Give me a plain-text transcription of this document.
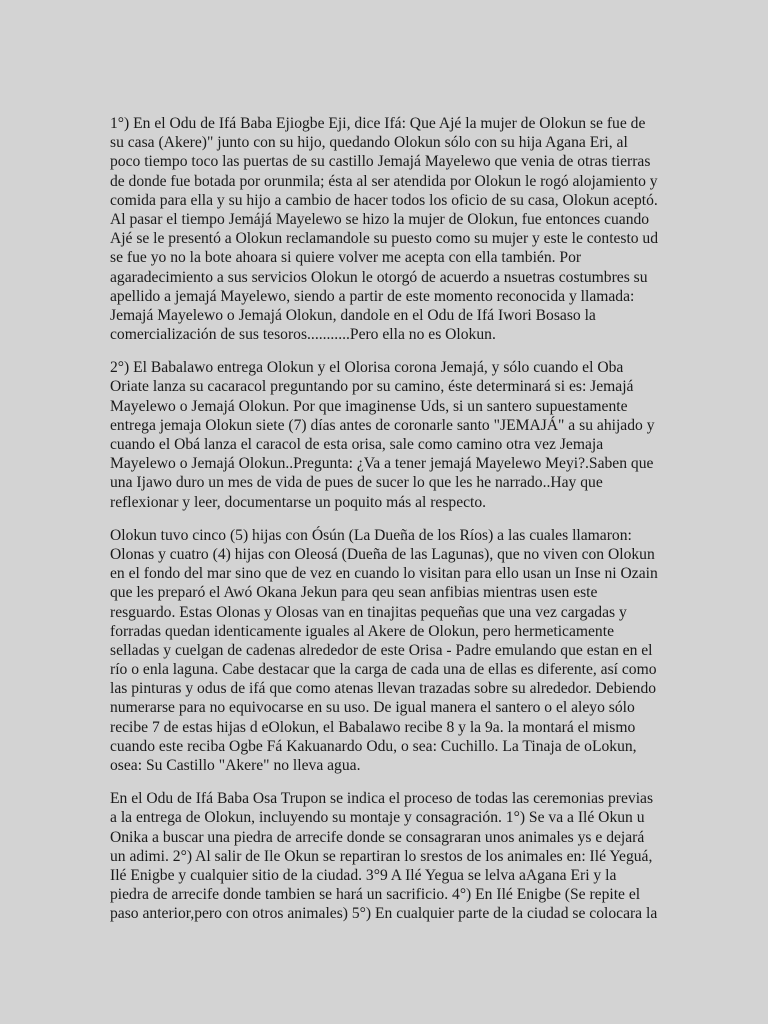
1°) En el Odu de Ifá Baba Ejiogbe Eji, dice Ifá: Que Ajé la mujer de Olokun se fue de
su casa (Akere)" junto con su hijo, quedando Olokun sólo con su hija Agana Eri, al
poco tiempo toco las puertas de su castillo Jemajá Mayelewo que venia de otras tierras
de donde fue botada por orunmila; ésta al ser atendida por Olokun le rogó alojamiento y
comida para ella y su hijo a cambio de hacer todos los oficio de su casa, Olokun aceptó.
Al pasar el tiempo Jemájá Mayelewo se hizo la mujer de Olokun, fue entonces cuando
Ajé se le presentó a Olokun reclamandole su puesto como su mujer y este le contesto ud
se fue yo no la bote ahoara si quiere volver me acepta con ella también. Por
agaradecimiento a sus servicios Olokun le otorgó de acuerdo a nsuetras costumbres su
apellido a jemajá Mayelewo, siendo a partir de este momento reconocida y llamada:
Jemajá Mayelewo o Jemajá Olokun, dandole en el Odu de Ifá Iwori Bosaso la
comercialización de sus tesoros...........Pero ella no es Olokun.

2°) El Babalawo entrega Olokun y el Olorisa corona Jemajá, y sólo cuando el Oba
Oriate lanza su cacaracol preguntando por su camino, éste determinará si es: Jemajá
Mayelewo o Jemajá Olokun. Por que imaginense Uds, si un santero supuestamente
entrega jemaja Olokun siete (7) días antes de coronarle santo "JEMAJÁ" a su ahijado y
cuando el Obá lanza el caracol de esta orisa, sale como camino otra vez Jemaja
Mayelewo o Jemajá Olokun..Pregunta: ¿Va a tener jemajá Mayelewo Meyi?.Saben que
una Ijawo duro un mes de vida de pues de sucer lo que les he narrado..Hay que
reflexionar y leer, documentarse un poquito más al respecto.

Olokun tuvo cinco (5) hijas con Ósún (La Dueña de los Ríos) a las cuales llamaron:
Olonas y cuatro (4) hijas con Oleosá (Dueña de las Lagunas), que no viven con Olokun
en el fondo del mar sino que de vez en cuando lo visitan para ello usan un Inse ni Ozain
que les preparó el Awó Okana Jekun para qeu sean anfibias mientras usen este
resguardo. Estas Olonas y Olosas van en tinajitas pequeñas que una vez cargadas y
forradas quedan identicamente iguales al Akere de Olokun, pero hermeticamente
selladas y cuelgan de cadenas alrededor de este Orisa - Padre emulando que estan en el
río o enla laguna. Cabe destacar que la carga de cada una de ellas es diferente, así como
las pinturas y odus de ifá que como atenas llevan trazadas sobre su alrededor. Debiendo
numerarse para no equivocarse en su uso. De igual manera el santero o el aleyo sólo
recibe 7 de estas hijas d eOlokun, el Babalawo recibe 8 y la 9a. la montará el mismo
cuando este reciba Ogbe Fá Kakuanardo Odu, o sea: Cuchillo. La Tinaja de oLokun,
osea: Su Castillo "Akere" no lleva agua.

En el Odu de Ifá Baba Osa Trupon se indica el proceso de todas las ceremonias previas
a la entrega de Olokun, incluyendo su montaje y consagración. 1°) Se va a Ilé Okun u
Onika a buscar una piedra de arrecife donde se consagraran unos animales ys e dejará
un adimi. 2°) Al salir de Ile Okun se repartiran lo srestos de los animales en: Ilé Yeguá,
Ilé Enigbe y cualquier sitio de la ciudad. 3°9 A Ilé Yegua se lelva aAgana Eri y la
piedra de arrecife donde tambien se hará un sacrificio. 4°) En Ilé Enigbe (Se repite el
paso anterior,pero con otros animales) 5°) En cualquier parte de la ciudad se colocara la
